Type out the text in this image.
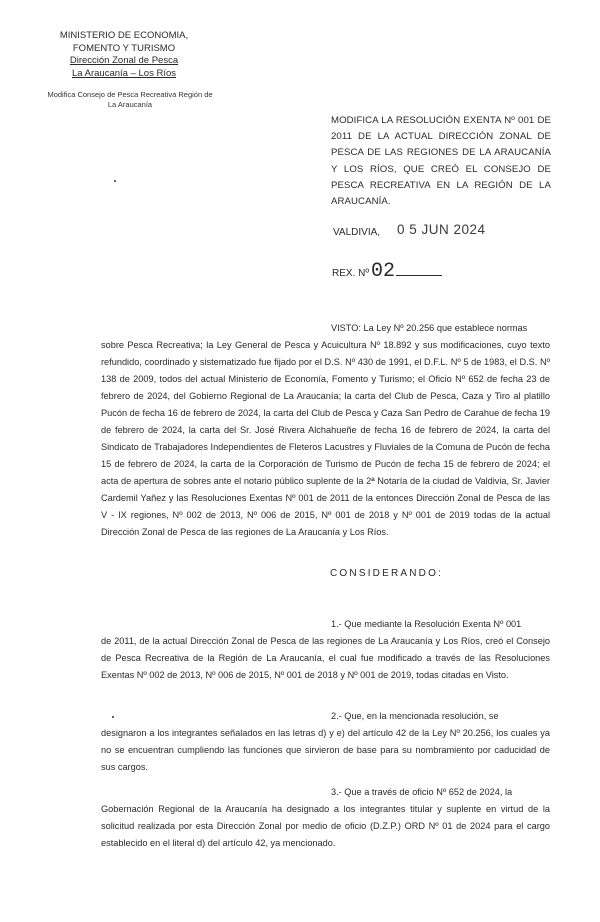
MINISTERIO DE ECONOMIA,
FOMENTO Y TURISMO
Dirección Zonal de Pesca
La Araucanía – Los Ríos
Modifica Consejo de Pesca Recreativa Región de
La Araucanía
MODIFICA LA RESOLUCIÓN EXENTA Nº 001 DE 2011 DE LA ACTUAL DIRECCIÓN ZONAL DE PESCA DE LAS REGIONES DE LA ARAUCANÍA Y LOS RÍOS, QUE CREÓ EL CONSEJO DE PESCA RECREATIVA EN LA REGIÓN DE LA ARAUCANÍA.
VALDIVIA, 0 5 JUN 2024
REX. Nº 02
VISTO: La Ley Nº 20.256 que establece normas
sobre Pesca Recreativa; la Ley General de Pesca y Acuicultura Nº 18.892 y sus modificaciones, cuyo texto refundido, coordinado y sistematizado fue fijado por el D.S. Nº 430 de 1991, el D.F.L. Nº 5 de 1983, el D.S. Nº 138 de 2009, todos del actual Ministerio de Economía, Fomento y Turismo; el Oficio Nº 652 de fecha 23 de febrero de 2024, del Gobierno Regional de La Araucanía; la carta del Club de Pesca, Caza y Tiro al platillo Pucón de fecha 16 de febrero de 2024, la carta del Club de Pesca y Caza San Pedro de Carahue de fecha 19 de febrero de 2024, la carta del Sr. José Rivera Alchahueñe de fecha 16 de febrero de 2024, la carta del Sindicato de Trabajadores Independientes de Fleteros Lacustres y Fluviales de la Comuna de Pucón de fecha 15 de febrero de 2024, la carta de la Corporación de Turismo de Pucón de fecha 15 de febrero de 2024; el acta de apertura de sobres ante el notario público suplente de la 2ª Notaría de la ciudad de Valdivia, Sr. Javier Cardemil Yañez y las Resoluciones Exentas Nº 001 de 2011 de la entonces Dirección Zonal de Pesca de las V - IX regiones, Nº 002 de 2013, Nº 006 de 2015, Nº 001 de 2018 y Nº 001 de 2019 todas de la actual Dirección Zonal de Pesca de las regiones de La Araucanía y Los Ríos.
CONSIDERANDO:
1.- Que mediante la Resolución Exenta Nº 001
de 2011, de la actual Dirección Zonal de Pesca de las regiones de La Araucanía y Los Ríos, creó el Consejo de Pesca Recreativa de la Región de La Araucanía, el cual fue modificado a través de las Resoluciones Exentas Nº 002 de 2013, Nº 006 de 2015, Nº 001 de 2018 y Nº 001 de 2019, todas citadas en Visto.
2.- Que, en la mencionada resolución, se
designaron a los integrantes señalados en las letras d) y e) del artículo 42 de la Ley Nº 20.256, los cuales ya no se encuentran cumpliendo las funciones que sirvieron de base para su nombramiento por caducidad de sus cargos.
3.- Que a través de oficio Nº 652 de 2024, la
Gobernación Regional de la Araucanía ha designado a los integrantes titular y suplente en virtud de la solicitud realizada por esta Dirección Zonal por medio de oficio (D.Z.P.) ORD Nº 01 de 2024 para el cargo establecido en el literal d) del artículo 42, ya mencionado.
